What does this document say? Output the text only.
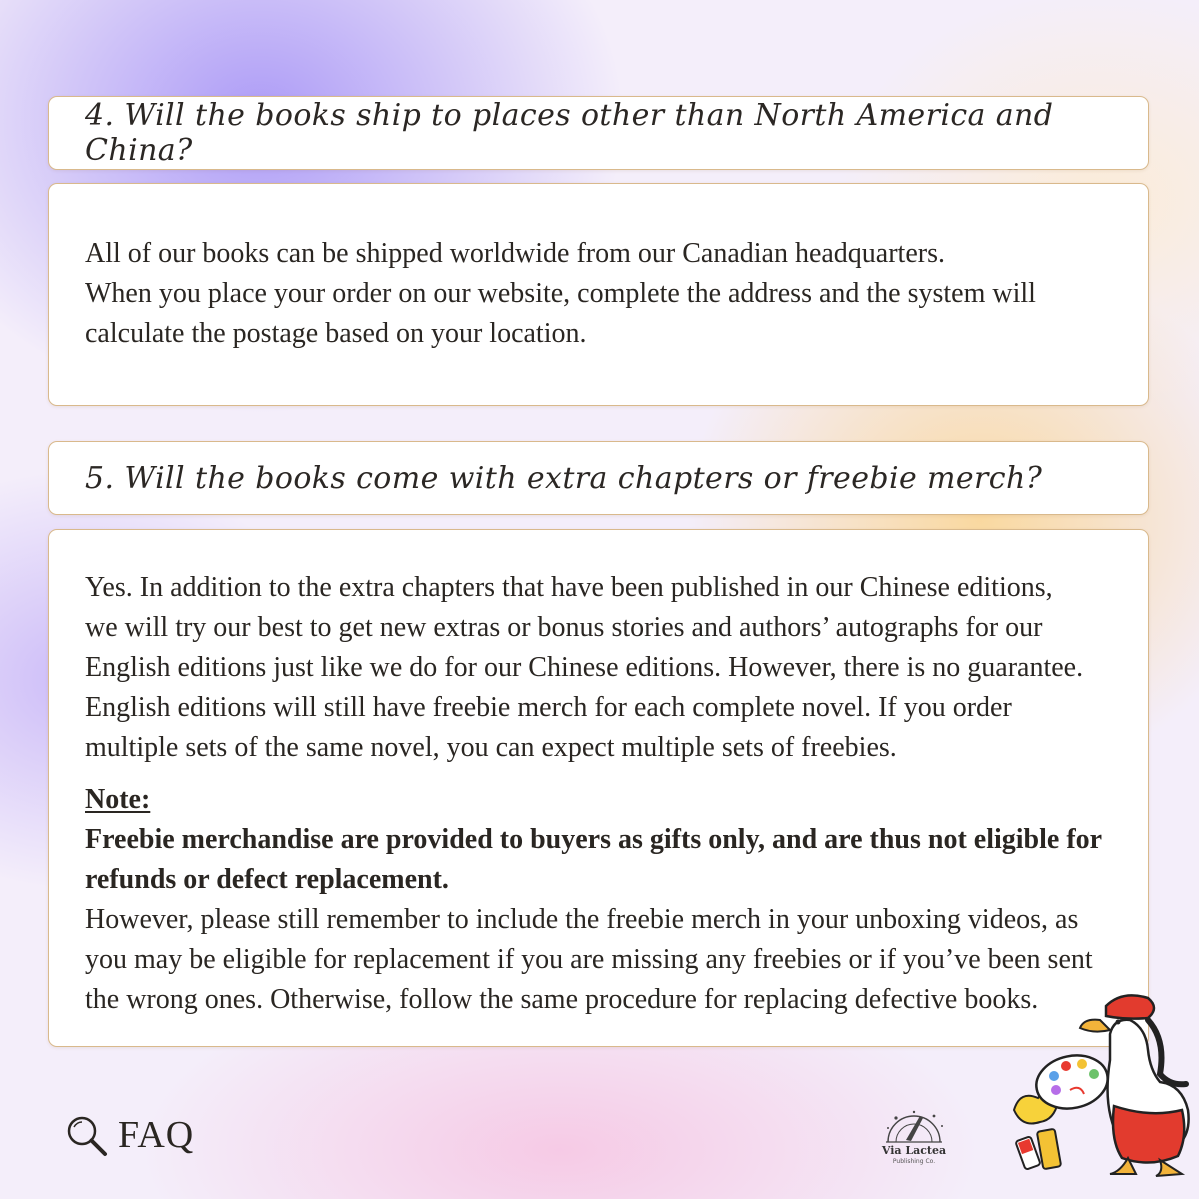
4. Will the books ship to places other than North America and China?

All of our books can be shipped worldwide from our Canadian headquarters.

When you place your order on our website, complete the address and the system will

calculate the postage based on your location.

5. Will the books come with extra chapters or freebie merch?

Yes. In addition to the extra chapters that have been published in our Chinese editions,

we will try our best to get new extras or bonus stories and authors’ autographs for our

English editions just like we do for our Chinese editions. However, there is no guarantee.

English editions will still have freebie merch for each complete novel. If you order

multiple sets of the same novel, you can expect multiple sets of freebies.

Note:

Freebie merchandise are provided to buyers as gifts only, and are thus not eligible for

refunds or defect replacement.

However, please still remember to include the freebie merch in your unboxing videos, as

you may be eligible for replacement if you are missing any freebies or if you’ve been sent

the wrong ones. Otherwise, follow the same procedure for replacing defective books.

FAQ	Via Lactea
Publishing Co.
